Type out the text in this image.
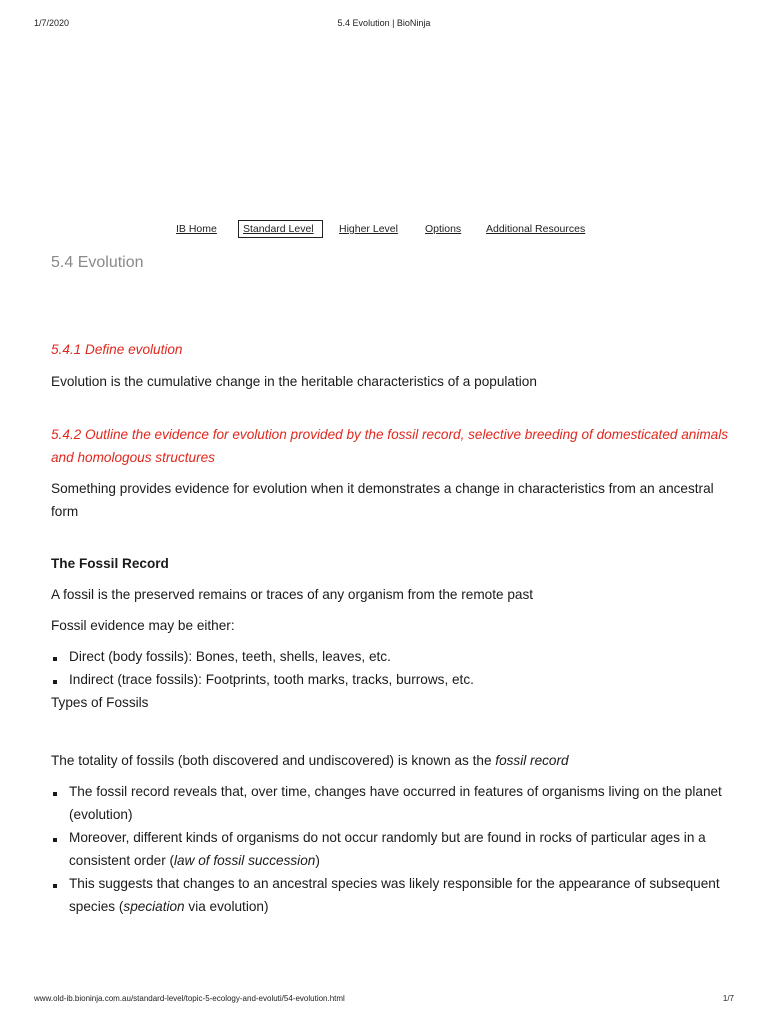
1/7/2020	5.4 Evolution | BioNinja
IB Home	Standard Level	Higher Level	Options Additional Resources
5.4 Evolution

5.4.1 Define evolution

Evolution is the cumulative change in the heritable characteristics of a population

5.4.2 Outline the evidence for evolution provided by the fossil record, selective breeding of domesticated animals and homologous structures

Something provides evidence for evolution when it demonstrates a change in characteristics from an ancestral form

The Fossil Record

A fossil is the preserved remains or traces of any organism from the remote past

Fossil evidence may be either:

Direct (body fossils): Bones, teeth, shells, leaves, etc.
Indirect (trace fossils): Footprints, tooth marks, tracks, burrows, etc.

Types of Fossils

The totality of fossils (both discovered and undiscovered) is known as the fossil record

The fossil record reveals that, over time, changes have occurred in features of organisms living on the planet (evolution)
Moreover, different kinds of organisms do not occur randomly but are found in rocks of particular ages in a consistent order (law of fossil succession)
This suggests that changes to an ancestral species was likely responsible for the appearance of subsequent species (speciation via evolution)
www.old-ib.bioninja.com.au/standard-level/topic-5-ecology-and-evoluti/54-evolution.html	1/7
